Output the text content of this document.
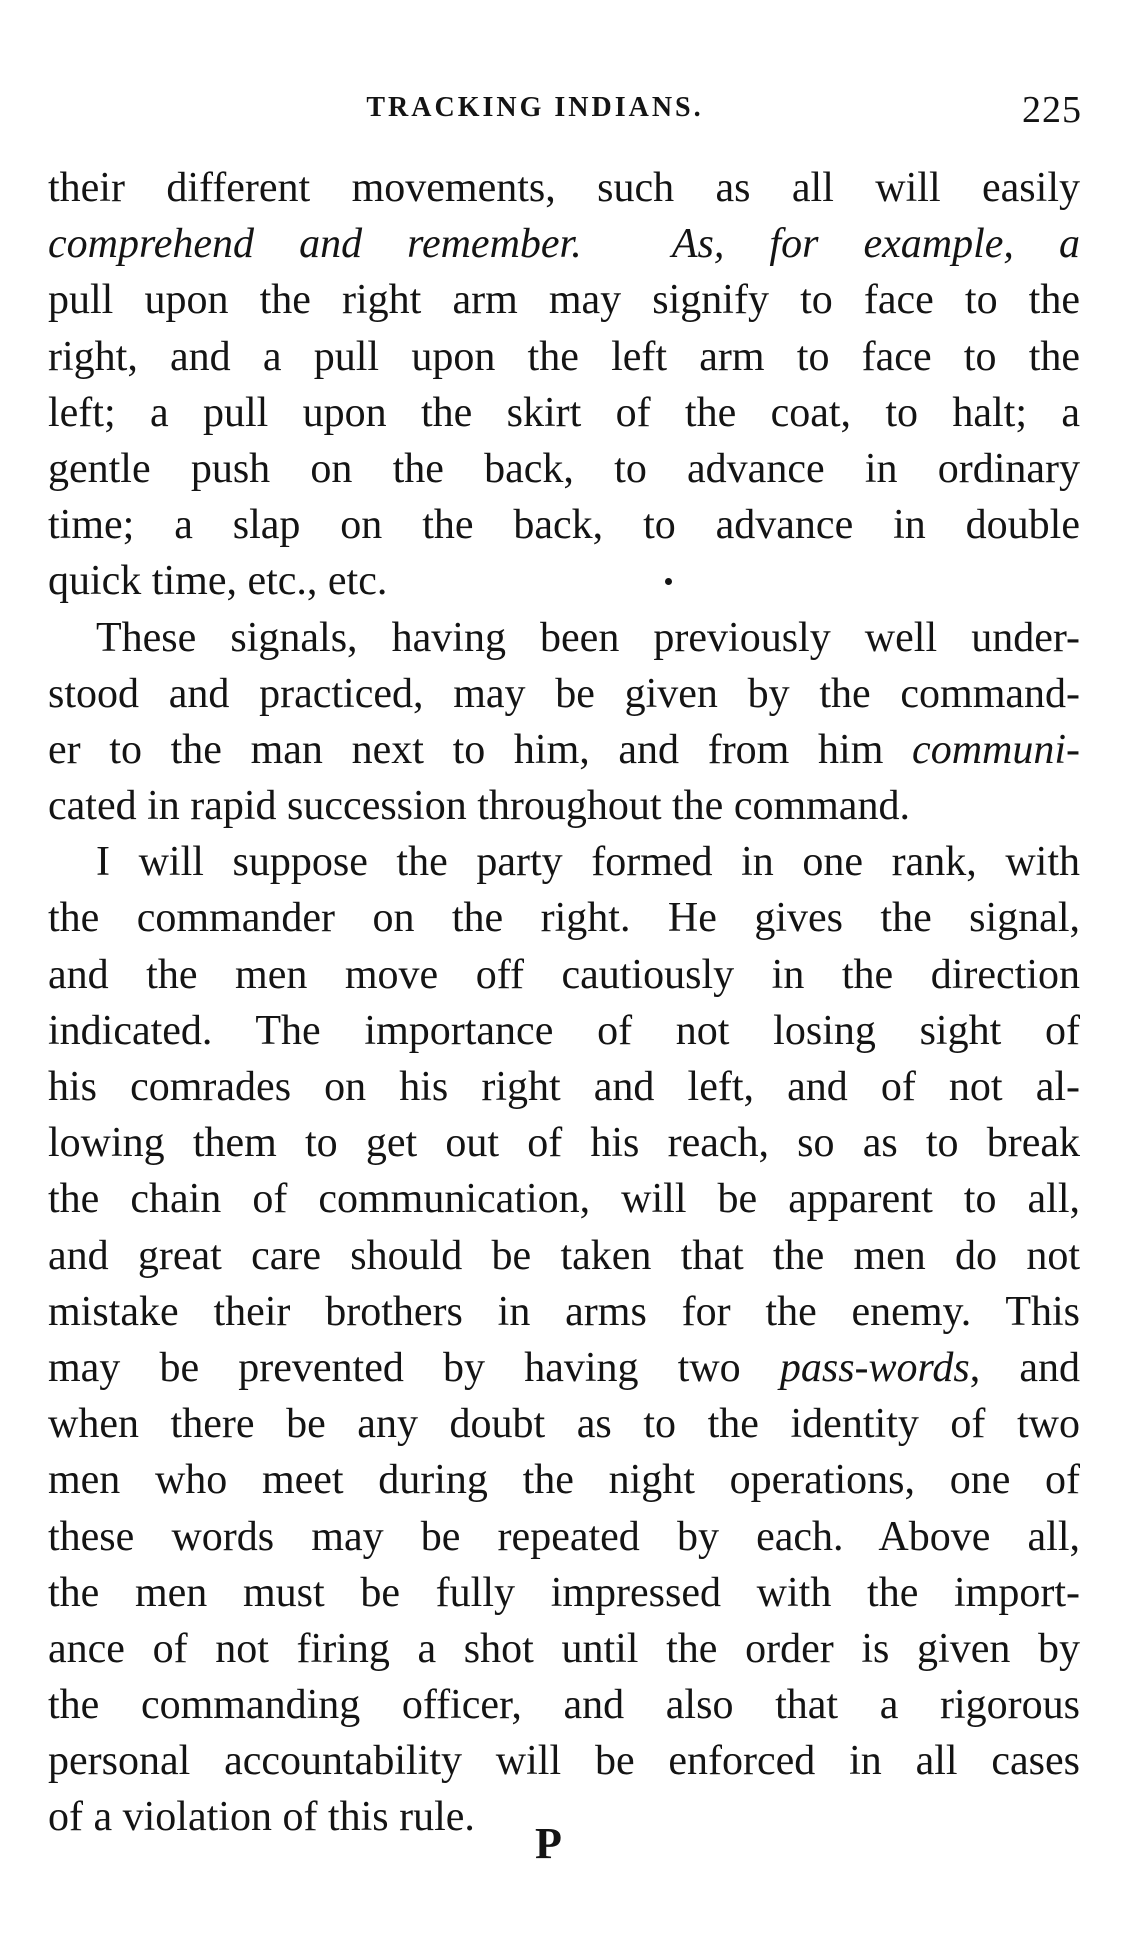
TRACKING INDIANS.	225
their different movements, such as all will easily
comprehend and remember. As, for example, a
pull upon the right arm may signify to face to the
right, and a pull upon the left arm to face to the
left; a pull upon the skirt of the coat, to halt; a
gentle push on the back, to advance in ordinary
time; a slap on the back, to advance in double
quick time, etc., etc.
These signals, having been previously well under-
stood and practiced, may be given by the command-
er to the man next to him, and from him communi-
cated in rapid succession throughout the command.
I will suppose the party formed in one rank, with
the commander on the right. He gives the signal,
and the men move off cautiously in the direction
indicated. The importance of not losing sight of
his comrades on his right and left, and of not al-
lowing them to get out of his reach, so as to break
the chain of communication, will be apparent to all,
and great care should be taken that the men do not
mistake their brothers in arms for the enemy. This
may be prevented by having two pass-words, and
when there be any doubt as to the identity of two
men who meet during the night operations, one of
these words may be repeated by each. Above all,
the men must be fully impressed with the import-
ance of not firing a shot until the order is given by
the commanding officer, and also that a rigorous
personal accountability will be enforced in all cases
of a violation of this rule.
P
